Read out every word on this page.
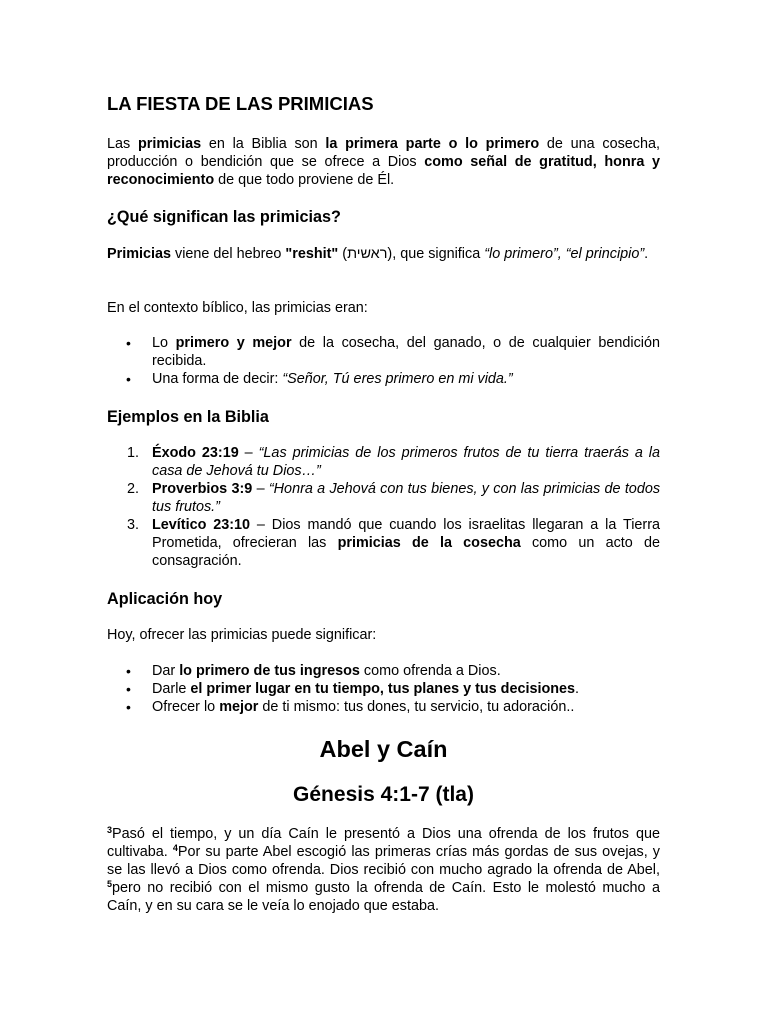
LA FIESTA DE LAS PRIMICIAS

Las primicias en la Biblia son la primera parte o lo primero de una cosecha, producción o bendición que se ofrece a Dios como señal de gratitud, honra y reconocimiento de que todo proviene de Él.

¿Qué significan las primicias?

Primicias viene del hebreo "reshit" (ראשית), que significa “lo primero”, “el principio”.

En el contexto bíblico, las primicias eran:

• Lo primero y mejor de la cosecha, del ganado, o de cualquier bendición recibida.
• Una forma de decir: “Señor, Tú eres primero en mi vida.”
Ejemplos en la Biblia
1. Éxodo 23:19 – “Las primicias de los primeros frutos de tu tierra traerás a la casa de Jehová tu Dios…”
2. Proverbios 3:9 – “Honra a Jehová con tus bienes, y con las primicias de todos tus frutos.”
3. Levítico 23:10 – Dios mandó que cuando los israelitas llegaran a la Tierra Prometida, ofrecieran las primicias de la cosecha como un acto de consagración.
Aplicación hoy

Hoy, ofrecer las primicias puede significar:

• Dar lo primero de tus ingresos como ofrenda a Dios.
• Darle el primer lugar en tu tiempo, tus planes y tus decisiones.
• Ofrecer lo mejor de ti mismo: tus dones, tu servicio, tu adoración..
Abel y Caín
Génesis 4:1-7 (tla)

$^3$Pasó el tiempo, y un día Caín le presentó a Dios una ofrenda de los frutos que cultivaba. $^4$Por su parte Abel escogió las primeras crías más gordas de sus ovejas, y se las llevó a Dios como ofrenda. Dios recibió con mucho agrado la ofrenda de Abel, $^5$pero no recibió con el mismo gusto la ofrenda de Caín. Esto le molestó mucho a Caín, y en su cara se le veía lo enojado que estaba.
